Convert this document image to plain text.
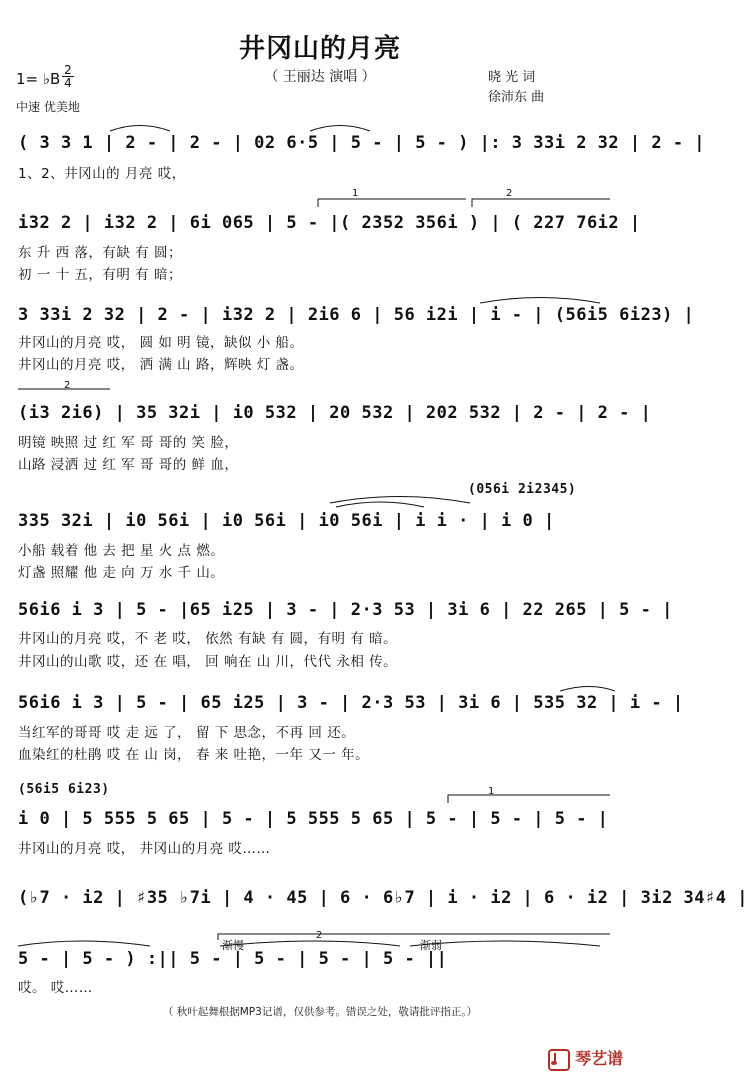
井冈山的月亮
（ 王丽达 演唱 ）
1= ♭B 2
4
中速 优美地
晓 光 词
徐沛东 曲
( 3 3 1 | 2 - | 2 - | 02 6·5 | 5 - | 5 - ) |: 3 33i 2 32 | 2 - |
1、2、井冈山的 月亮 哎，
i32 2 | i32 2 | 6i 065 | 5 - |( 2352 356i ) | ( 227 76i2 |
东 升 西 落，有缺 有 圆；
初 一 十 五，有明 有 暗；
1	2
3 33i 2 32 | 2 - | i32 2 | 2i6 6 | 56 i2i | i - | (56i5 6i23) |
井冈山的月亮 哎， 圆 如 明 镜，缺似 小 船。
井冈山的月亮 哎， 洒 满 山 路，辉映 灯 盏。
(i3 2i6) | 35 32i | i0 532 | 20 532 | 202 532 | 2 - | 2 - |
明镜 映照 过 红 军 哥 哥的 笑 脸，
山路 浸洒 过 红 军 哥 哥的 鲜 血，
2
(056i 2i2345)
335 32i | i0 56i | i0 56i | i0 56i | i i · | i 0 |
小船 载着 他 去 把 星 火 点 燃。
灯盏 照耀 他 走 向 万 水 千 山。
56i6 i 3 | 5 - |65 i25 | 3 - | 2·3 53 | 3i 6 | 22 265 | 5 - |
井冈山的月亮 哎，不 老 哎， 依然 有缺 有 圆，有明 有 暗。
井冈山的山歌 哎，还 在 唱， 回 响在 山 川，代代 永相 传。
56i6 i 3 | 5 - | 65 i25 | 3 - | 2·3 53 | 3i 6 | 535 32 | i - |
当红军的哥哥 哎 走 远 了， 留 下 思念，不再 回 还。
血染红的杜鹃 哎 在 山 岗， 春 来 吐艳，一年 又一 年。
(56i5 6i23)
i 0 | 5 555 5 65 | 5 - | 5 555 5 65 | 5 - | 5 - | 5 - |
井冈山的月亮 哎， 井冈山的月亮 哎……
1
(♭7 · i2 | ♯35 ♭7i | 4 · 45 | 6 · 6♭7 | i · i2 | 6 · i2 | 3i2 34♯4 |
5 - | 5 - ) :|| 5 - | 5 - | 5 - | 5 - ||
渐慢	渐弱
2
哎。 哎……
（ 秋叶起舞根据MP3记谱，仅供参考。错误之处，敬请批评指正。）
琴艺谱
